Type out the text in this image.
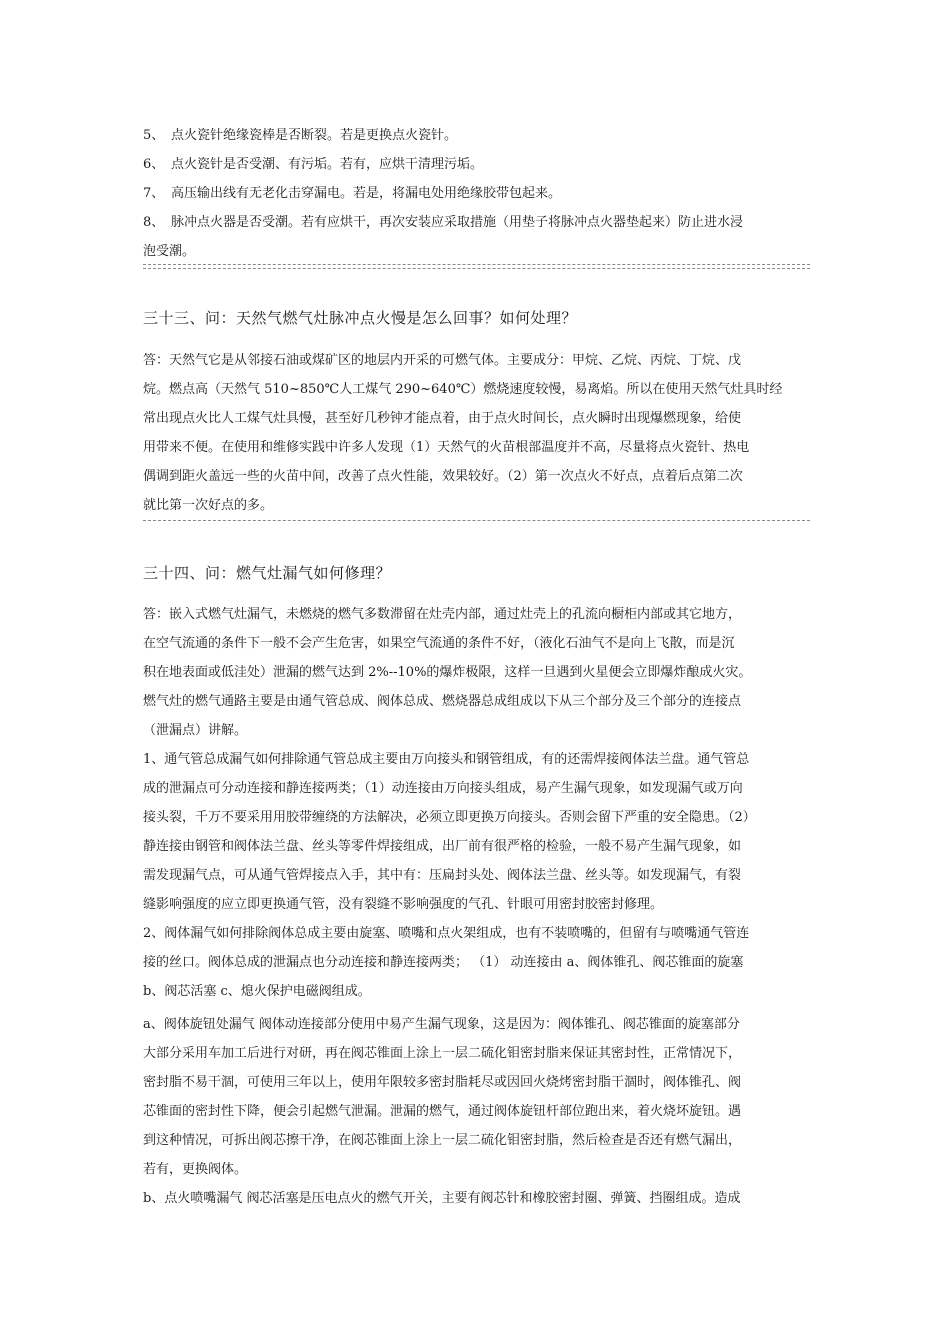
5、 点火瓷针绝缘瓷棒是否断裂。若是更换点火瓷针。
6、 点火瓷针是否受潮、有污垢。若有，应烘干清理污垢。
7、 高压输出线有无老化击穿漏电。若是，将漏电处用绝缘胶带包起来。
8、 脉冲点火器是否受潮。若有应烘干，再次安装应采取措施（用垫子将脉冲点火器垫起来）防止进水浸
泡受潮。
三十三、问：天然气燃气灶脉冲点火慢是怎么回事？如何处理？
答：天然气它是从邻接石油或煤矿区的地层内开采的可燃气体。主要成分：甲烷、乙烷、丙烷、丁烷、戊
烷。燃点高（天然气 510~850℃人工煤气 290~640℃）燃烧速度较慢，易离焰。所以在使用天然气灶具时经
常出现点火比人工煤气灶具慢，甚至好几秒钟才能点着，由于点火时间长，点火瞬时出现爆燃现象，给使
用带来不便。在使用和维修实践中许多人发现（1）天然气的火苗根部温度并不高，尽量将点火瓷针、热电
偶调到距火盖远一些的火苗中间，改善了点火性能，效果较好。（2）第一次点火不好点，点着后点第二次
就比第一次好点的多。
三十四、问：燃气灶漏气如何修理？
答：嵌入式燃气灶漏气，未燃烧的燃气多数滞留在灶壳内部，通过灶壳上的孔流向橱柜内部或其它地方，
在空气流通的条件下一般不会产生危害，如果空气流通的条件不好，（液化石油气不是向上飞散，而是沉
积在地表面或低洼处）泄漏的燃气达到 2%--10%的爆炸极限，这样一旦遇到火星便会立即爆炸酿成火灾。
燃气灶的燃气通路主要是由通气管总成、阀体总成、燃烧器总成组成以下从三个部分及三个部分的连接点
（泄漏点）讲解。
1、通气管总成漏气如何排除通气管总成主要由万向接头和钢管组成，有的还需焊接阀体法兰盘。通气管总
成的泄漏点可分动连接和静连接两类；（1）动连接由万向接头组成，易产生漏气现象，如发现漏气或万向
接头裂，千万不要采用用胶带缠绕的方法解决，必须立即更换万向接头。否则会留下严重的安全隐患。（2）
静连接由钢管和阀体法兰盘、丝头等零件焊接组成，出厂前有很严格的检验，一般不易产生漏气现象，如
需发现漏气点，可从通气管焊接点入手，其中有：压扁封头处、阀体法兰盘、丝头等。如发现漏气，有裂
缝影响强度的应立即更换通气管，没有裂缝不影响强度的气孔、针眼可用密封胶密封修理。
2、阀体漏气如何排除阀体总成主要由旋塞、喷嘴和点火架组成，也有不装喷嘴的，但留有与喷嘴通气管连
接的丝口。阀体总成的泄漏点也分动连接和静连接两类； （1） 动连接由 a、阀体锥孔、阀芯锥面的旋塞
b、阀芯活塞 c、熄火保护电磁阀组成。
a、阀体旋钮处漏气 阀体动连接部分使用中易产生漏气现象，这是因为：阀体锥孔、阀芯锥面的旋塞部分
大部分采用车加工后进行对研，再在阀芯锥面上涂上一层二硫化钼密封脂来保证其密封性，正常情况下，
密封脂不易干涸，可使用三年以上，使用年限较多密封脂耗尽或因回火烧烤密封脂干涸时，阀体锥孔、阀
芯锥面的密封性下降，便会引起燃气泄漏。泄漏的燃气，通过阀体旋钮杆部位跑出来，着火烧坏旋钮。遇
到这种情况，可拆出阀芯擦干净，在阀芯锥面上涂上一层二硫化钼密封脂，然后检查是否还有燃气漏出，
若有，更换阀体。
b、点火喷嘴漏气 阀芯活塞是压电点火的燃气开关，主要有阀芯针和橡胶密封圈、弹簧、挡圈组成。造成
